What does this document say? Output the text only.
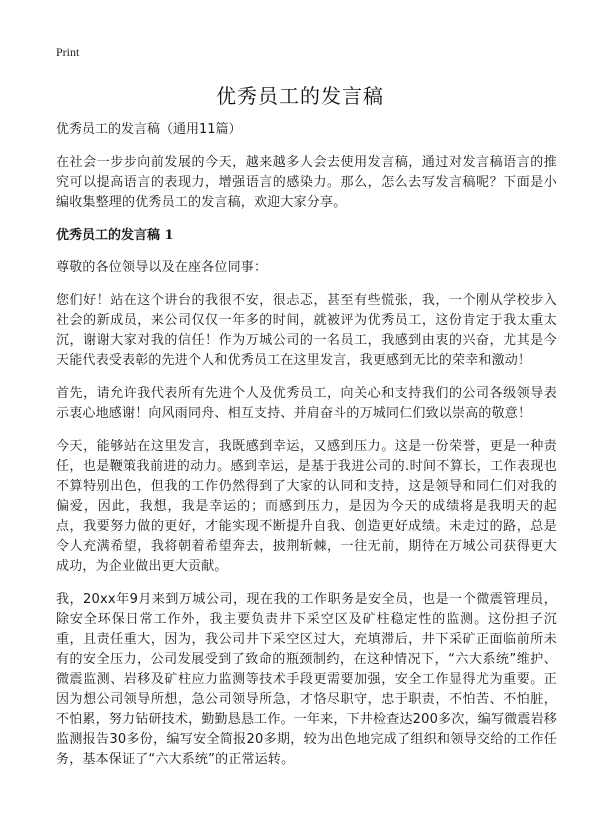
Print
优秀员工的发言稿
优秀员工的发言稿（通用11篇）

在社会一步步向前发展的今天，越来越多人会去使用发言稿，通过对发言稿语言的推究可以提高语言的表现力，增强语言的感染力。那么，怎么去写发言稿呢？下面是小编收集整理的优秀员工的发言稿，欢迎大家分享。

优秀员工的发言稿 1

尊敬的各位领导以及在座各位同事：

您们好！站在这个讲台的我很不安，很忐忑，甚至有些慌张，我，一个刚从学校步入社会的新成员，来公司仅仅一年多的时间，就被评为优秀员工，这份肯定于我太重太沉，谢谢大家对我的信任！作为万城公司的一名员工，我感到由衷的兴奋，尤其是今天能代表受表彰的先进个人和优秀员工在这里发言，我更感到无比的荣幸和激动！

首先，请允许我代表所有先进个人及优秀员工，向关心和支持我们的公司各级领导表示衷心地感谢！向风雨同舟、相互支持、并肩奋斗的万城同仁们致以崇高的敬意！

今天，能够站在这里发言，我既感到幸运，又感到压力。这是一份荣誉，更是一种责任，也是鞭策我前进的动力。感到幸运，是基于我进公司的.时间不算长，工作表现也不算特别出色，但我的工作仍然得到了大家的认同和支持，这是领导和同仁们对我的偏爱，因此，我想，我是幸运的；而感到压力，是因为今天的成绩将是我明天的起点，我要努力做的更好，才能实现不断提升自我、创造更好成绩。未走过的路，总是令人充满希望，我将朝着希望奔去，披荆斩棘，一往无前，期待在万城公司获得更大成功，为企业做出更大贡献。

我，20xx年9月来到万城公司，现在我的工作职务是安全员，也是一个微震管理员，除安全环保日常工作外，我主要负责井下采空区及矿柱稳定性的监测。这份担子沉重，且责任重大，因为，我公司井下采空区过大，充填滞后，井下采矿正面临前所未有的安全压力，公司发展受到了致命的瓶颈制约，在这种情况下，“六大系统”维护、微震监测、岩移及矿柱应力监测等技术手段更需要加强，安全工作显得尤为重要。正因为想公司领导所想，急公司领导所急，才恪尽职守，忠于职责，不怕苦、不怕脏，不怕累，努力钻研技术，勤勤恳恳工作。一年来，下井检查达200多次，编写微震岩移监测报告30多份，编写安全简报20多期，较为出色地完成了组织和领导交给的工作任务，基本保证了“六大系统”的正常运转。
